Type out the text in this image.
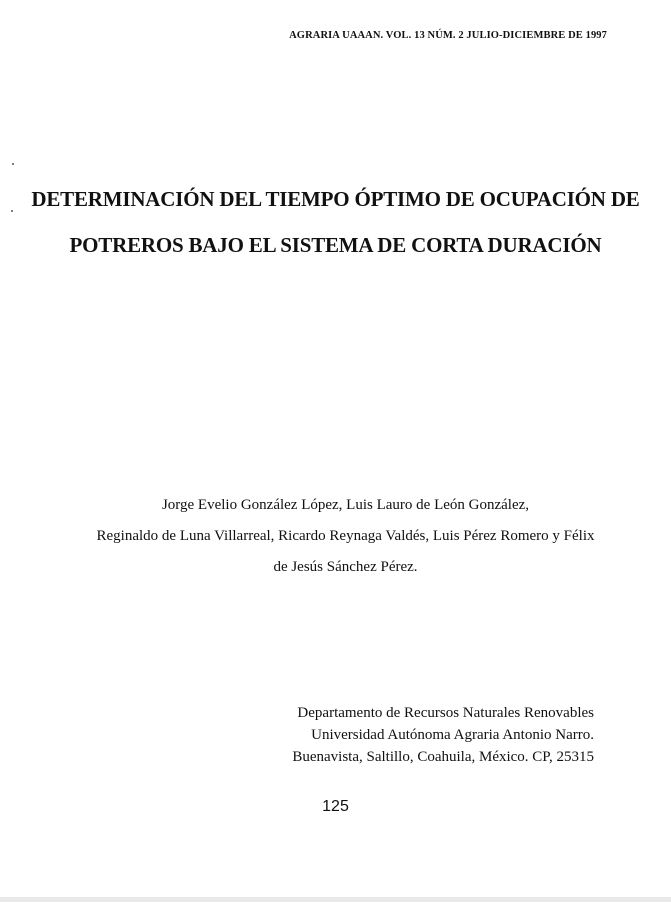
AGRARIA UAAAN. VOL. 13 NÚM. 2 JULIO-DICIEMBRE DE 1997
DETERMINACIÓN DEL TIEMPO ÓPTIMO DE OCUPACIÓN DE
POTREROS BAJO EL SISTEMA DE CORTA DURACIÓN
Jorge Evelio González López, Luis Lauro de León González,
Reginaldo de Luna Villarreal, Ricardo Reynaga Valdés, Luis Pérez Romero y Félix
de Jesús Sánchez Pérez.
Departamento de Recursos Naturales Renovables
Universidad Autónoma Agraria Antonio Narro.
Buenavista, Saltillo, Coahuila, México. CP, 25315
125
